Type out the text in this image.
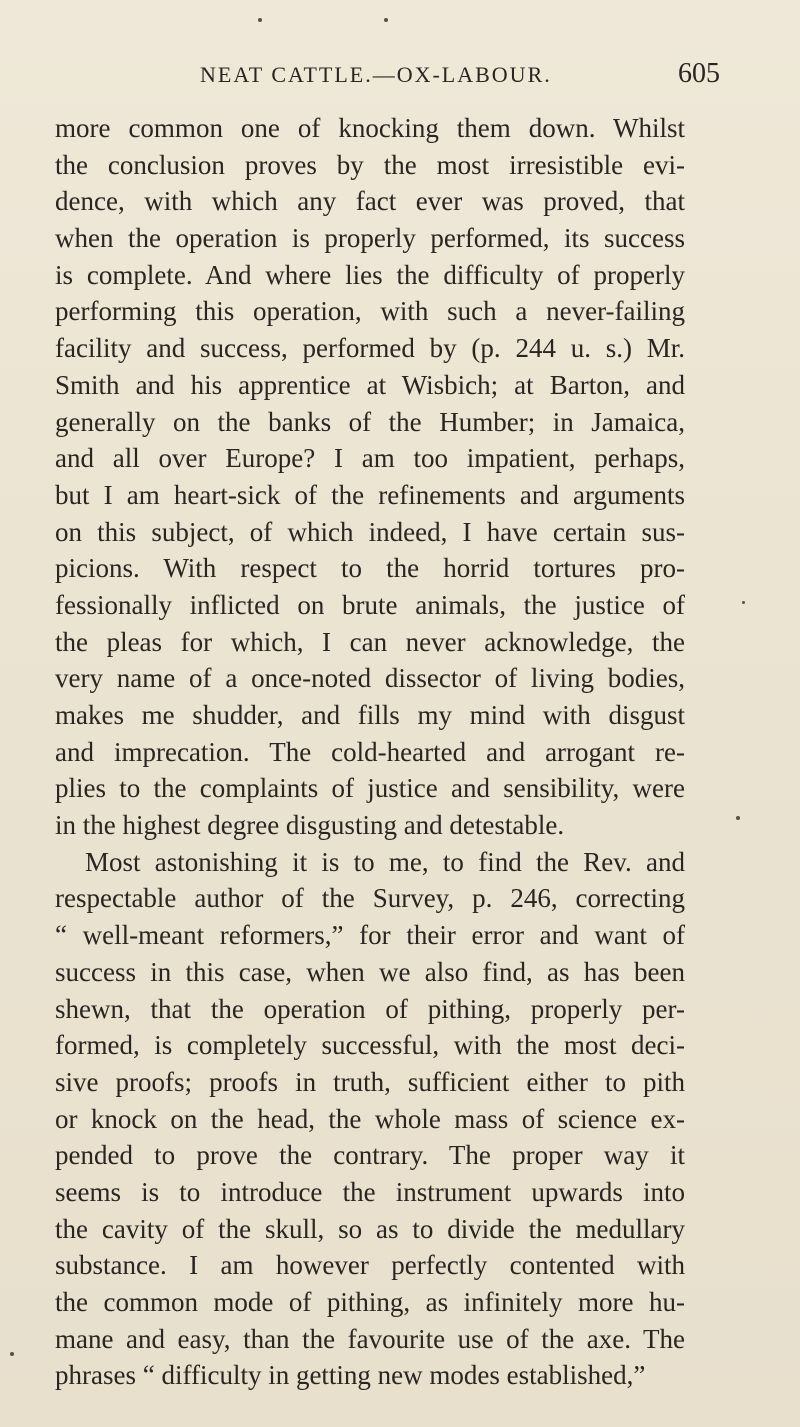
NEAT CATTLE.—OX-LABOUR.	605
more common one of knocking them down. Whilst
the conclusion proves by the most irresistible evi-
dence, with which any fact ever was proved, that
when the operation is properly performed, its success
is complete. And where lies the difficulty of properly
performing this operation, with such a never-failing
facility and success, performed by (p. 244 u. s.) Mr.
Smith and his apprentice at Wisbich; at Barton, and
generally on the banks of the Humber; in Jamaica,
and all over Europe? I am too impatient, perhaps,
but I am heart-sick of the refinements and arguments
on this subject, of which indeed, I have certain sus-
picions. With respect to the horrid tortures pro-
fessionally inflicted on brute animals, the justice of
the pleas for which, I can never acknowledge, the
very name of a once-noted dissector of living bodies,
makes me shudder, and fills my mind with disgust
and imprecation. The cold-hearted and arrogant re-
plies to the complaints of justice and sensibility, were
in the highest degree disgusting and detestable.
Most astonishing it is to me, to find the Rev. and
respectable author of the Survey, p. 246, correcting
“ well-meant reformers,” for their error and want of
success in this case, when we also find, as has been
shewn, that the operation of pithing, properly per-
formed, is completely successful, with the most deci-
sive proofs; proofs in truth, sufficient either to pith
or knock on the head, the whole mass of science ex-
pended to prove the contrary. The proper way it
seems is to introduce the instrument upwards into
the cavity of the skull, so as to divide the medullary
substance. I am however perfectly contented with
the common mode of pithing, as infinitely more hu-
mane and easy, than the favourite use of the axe. The
phrases “ difficulty in getting new modes established,”
